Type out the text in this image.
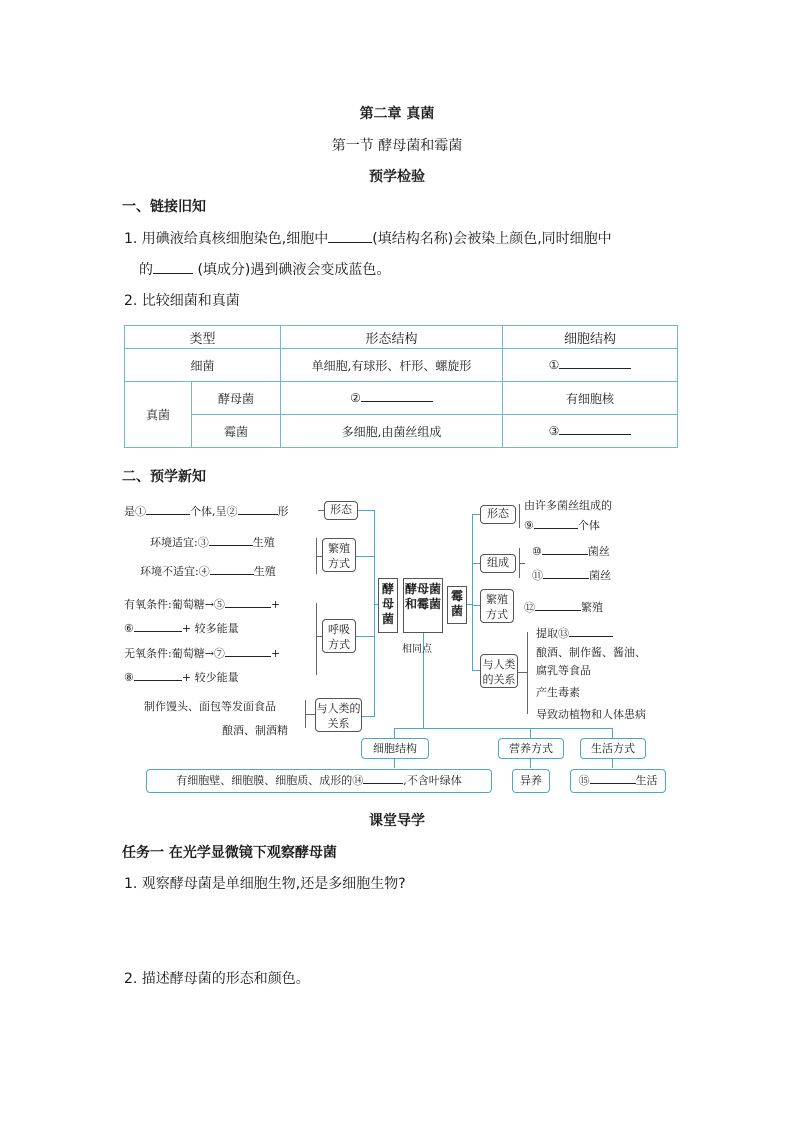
第二章 真菌
第一节 酵母菌和霉菌
预学检验
一、链接旧知
1. 用碘液给真核细胞染色,细胞中	(填结构名称)会被染上颜色,同时细胞中
的	(填成分)遇到碘液会变成蓝色。
2. 比较细菌和真菌
类型		形态结构	细胞结构
细菌		单细胞,有球形、杆形、螺旋形	①
真菌	酵母菌	②	有细胞核
	霉菌	多细胞,由菌丝组成	③
二、预学新知
是①	个体,呈②	形
环境适宜:③	生殖
环境不适宜:④	生殖
有氧条件:葡萄糖→⑤	+
⑥	+ 较多能量
无氧条件:葡萄糖→⑦	+
⑧	+ 较少能量
制作馒头、面包等发面食品
酿酒、制酒精
形态
繁殖方式
呼吸方式
与人类的关系
酵母菌
酵母菌和霉菌
霉菌
相同点
形态
组成
繁殖方式
与人类的关系
由许多菌丝组成的
⑨	个体
⑩	菌丝
⑪	菌丝
⑫	繁殖
提取⑬
酿酒、制作酱、酱油、
腐乳等食品
产生毒素
导致动植物和人体患病
细胞结构	营养方式	生活方式
有细胞壁、细胞膜、细胞质、成形的⑭	,不含叶绿体	异养	⑮	生活
课堂导学
任务一 在光学显微镜下观察酵母菌
1. 观察酵母菌是单细胞生物,还是多细胞生物?
2. 描述酵母菌的形态和颜色。
